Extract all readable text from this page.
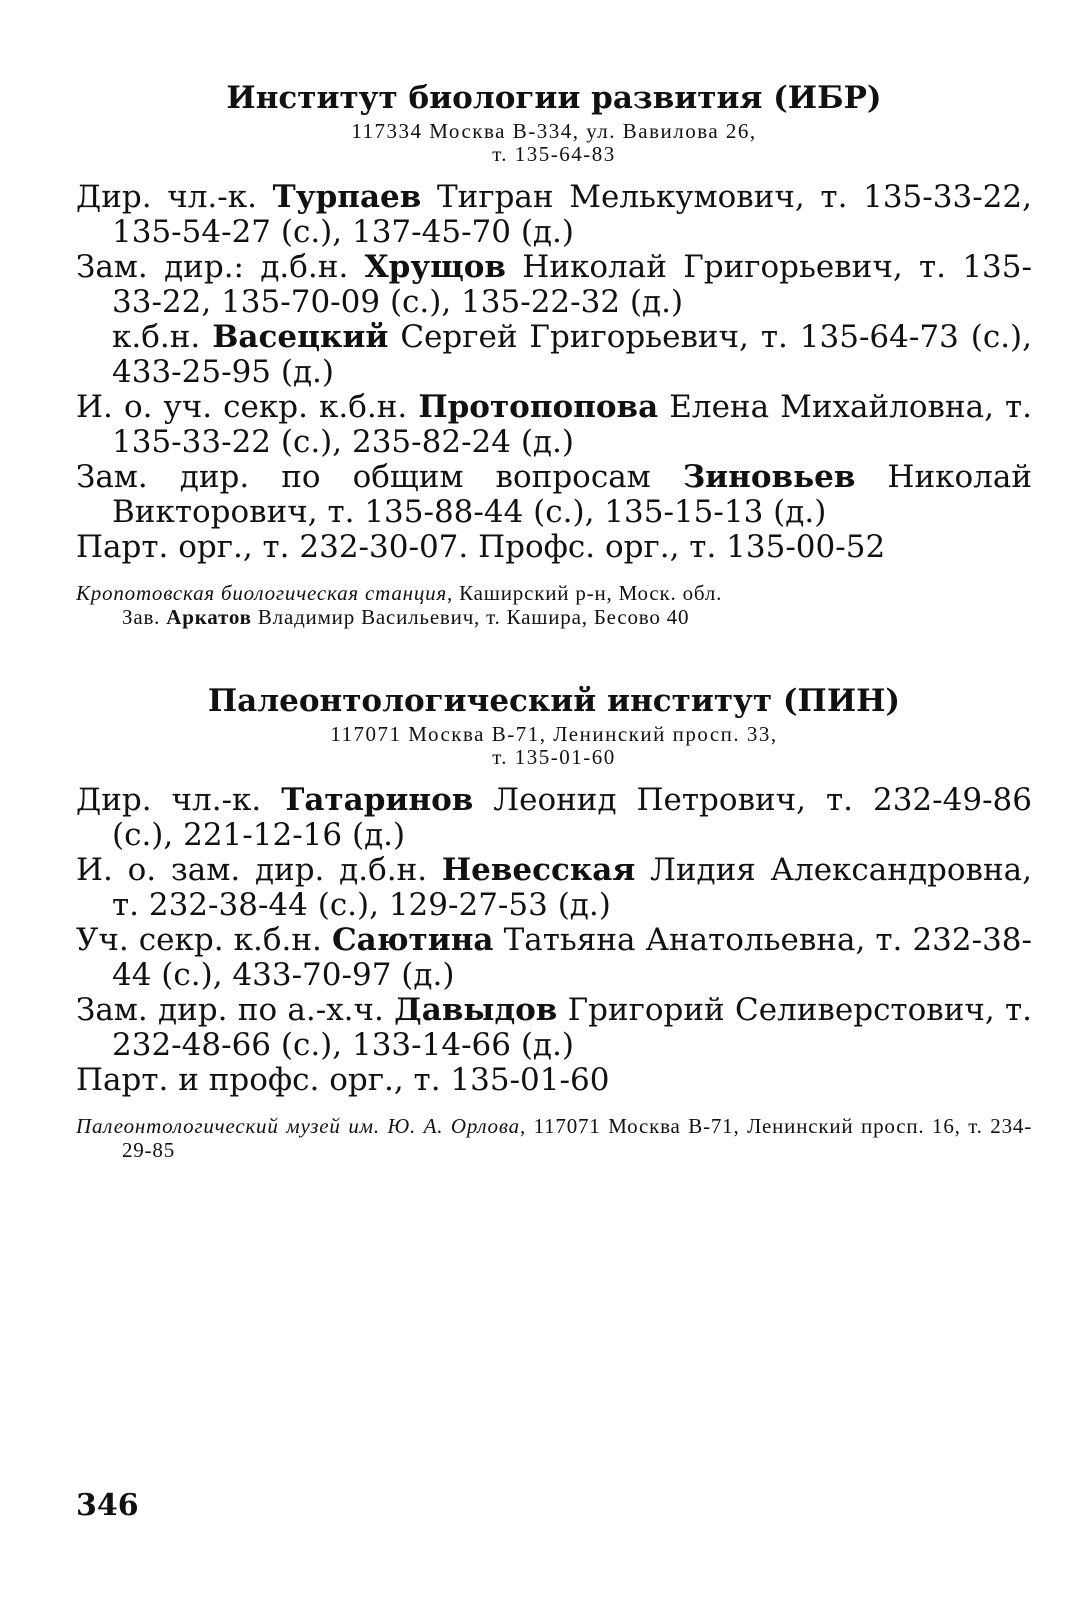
Институт биологии развития (ИБР)

117334 Москва В-334, ул. Вавилова 26,
т. 135-64-83

Дир. чл.-к. Турпаев Тигран Мелькумович, т. 135-33-22, 135-54-27 (с.), 137-45-70 (д.)

Зам. дир.: д.б.н. Хрущов Николай Григорьевич, т. 135-33-22, 135-70-09 (с.), 135-22-32 (д.)

к.б.н. Васецкий Сергей Григорьевич, т. 135-64-73 (с.), 433-25-95 (д.)

И. о. уч. секр. к.б.н. Протопопова Елена Михайловна, т. 135-33-22 (с.), 235-82-24 (д.)

Зам. дир. по общим вопросам Зиновьев Николай Викторович, т. 135-88-44 (с.), 135-15-13 (д.)

Парт. орг., т. 232-30-07. Профс. орг., т. 135-00-52

Кропотовская биологическая станция, Каширский р-н, Моск. обл.
Зав. Аркатов Владимир Васильевич, т. Кашира, Бесово 40

Палеонтологический институт (ПИН)

117071 Москва В-71, Ленинский просп. 33,
т. 135-01-60

Дир. чл.-к. Татаринов Леонид Петрович, т. 232-49-86 (с.), 221-12-16 (д.)

И. о. зам. дир. д.б.н. Невесская Лидия Александровна, т. 232-38-44 (с.), 129-27-53 (д.)

Уч. секр. к.б.н. Саютина Татьяна Анатольевна, т. 232-38-44 (с.), 433-70-97 (д.)

Зам. дир. по а.-х.ч. Давыдов Григорий Селиверстович, т. 232-48-66 (с.), 133-14-66 (д.)

Парт. и профс. орг., т. 135-01-60

Палеонтологический музей им. Ю. А. Орлова, 117071 Москва В-71, Ленинский просп. 16, т. 234-29-85

346
